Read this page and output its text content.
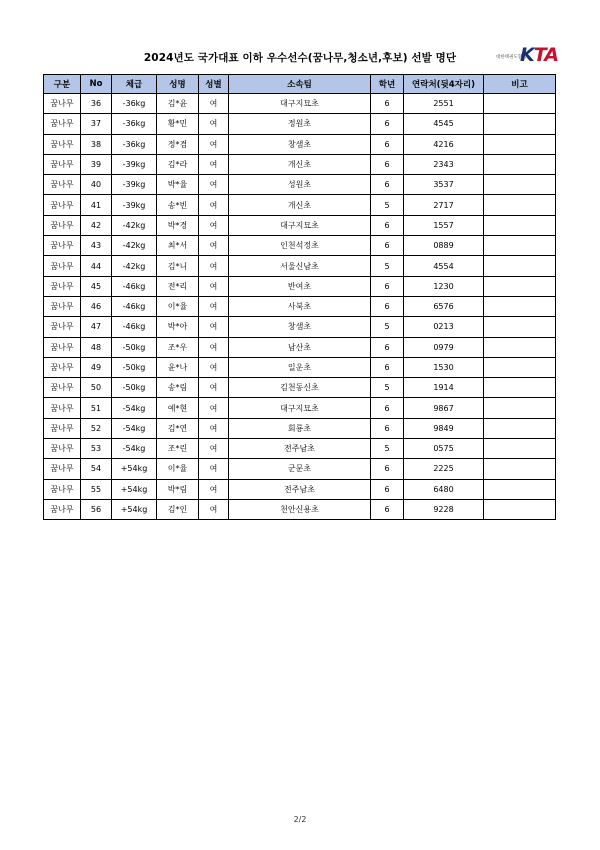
2024년도 국가대표 이하 우수선수(꿈나무,청소년,후보) 선발 명단	대한태권도협회
KTA
구분	No	체급	성명	성별	소속팀	학년	연락처(뒷4자리)	비고
꿈나무	36	-36kg	김*윤	여	대구지묘초	6	2551	
꿈나무	37	-36kg	황*민	여	정원초	6	4545	
꿈나무	38	-36kg	정*겸	여	창샘초	6	4216	
꿈나무	39	-39kg	김*라	여	개신초	6	2343	
꿈나무	40	-39kg	박*율	여	성원초	6	3537	
꿈나무	41	-39kg	송*빈	여	개신초	5	2717	
꿈나무	42	-42kg	박*경	여	대구지묘초	6	1557	
꿈나무	43	-42kg	최*서	여	인천석정초	6	0889	
꿈나무	44	-42kg	김*니	여	서울신남초	5	4554	
꿈나무	45	-46kg	전*리	여	반여초	6	1230	
꿈나무	46	-46kg	이*율	여	사북초	6	6576	
꿈나무	47	-46kg	박*아	여	창샘초	5	0213	
꿈나무	48	-50kg	조*우	여	남산초	6	0979	
꿈나무	49	-50kg	윤*나	여	일운초	6	1530	
꿈나무	50	-50kg	송*림	여	김천동신초	5	1914	
꿈나무	51	-54kg	예*현	여	대구지묘초	6	9867	
꿈나무	52	-54kg	김*연	여	회룡초	6	9849	
꿈나무	53	-54kg	조*린	여	전주남초	5	0575	
꿈나무	54	+54kg	이*율	여	군문초	6	2225	
꿈나무	55	+54kg	박*림	여	전주남초	6	6480	
꿈나무	56	+54kg	김*인	여	천안신용초	6	9228	
2/2
